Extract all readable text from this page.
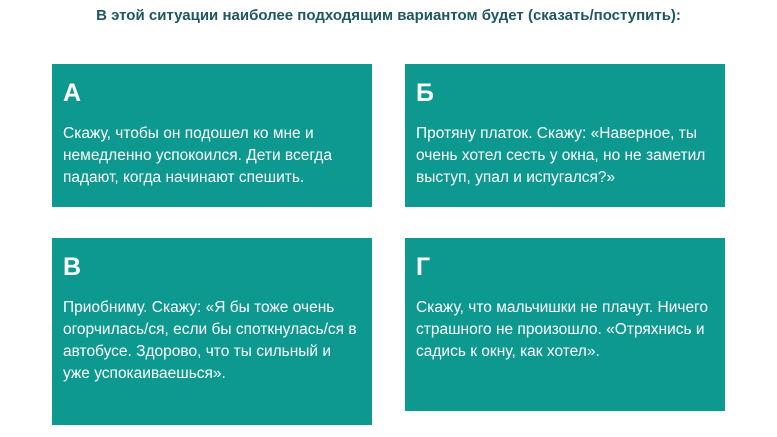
В этой ситуации наиболее подходящим вариантом будет (сказать/поступить):
А
Скажу, чтобы он подошел ко мне и немедленно успокоился. Дети всегда падают, когда начинают спешить.
Б
Протяну платок. Скажу: «Наверное, ты очень хотел сесть у окна, но не заметил выступ, упал и испугался?»
В
Приобниму. Скажу: «Я бы тоже очень огорчилась/ся, если бы споткнулась/ся в автобусе. Здорово, что ты сильный и уже успокаиваешься».
Г
Скажу, что мальчишки не плачут. Ничего страшного не произошло. «Отряхнись и садись к окну, как хотел».
